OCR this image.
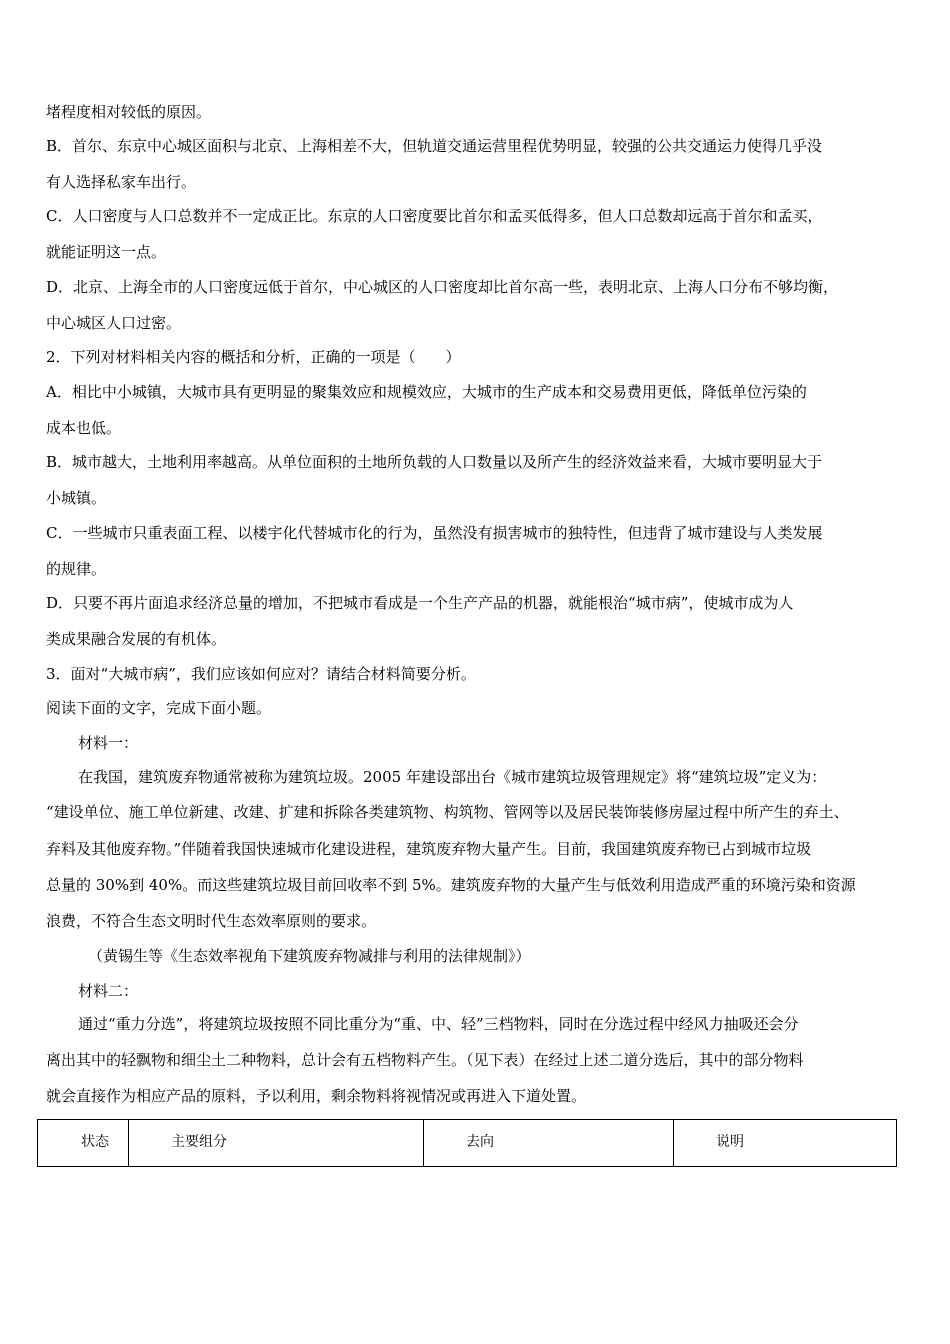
堵程度相对较低的原因。
B．首尔、东京中心城区面积与北京、上海相差不大，但轨道交通运营里程优势明显，较强的公共交通运力使得几乎没
有人选择私家车出行。
C．人口密度与人口总数并不一定成正比。东京的人口密度要比首尔和孟买低得多，但人口总数却远高于首尔和孟买，
就能证明这一点。
D．北京、上海全市的人口密度远低于首尔，中心城区的人口密度却比首尔高一些，表明北京、上海人口分布不够均衡，
中心城区人口过密。
2．下列对材料相关内容的概括和分析，正确的一项是（　　）
A．相比中小城镇，大城市具有更明显的聚集效应和规模效应，大城市的生产成本和交易费用更低，降低单位污染的
成本也低。
B．城市越大，土地利用率越高。从单位面积的土地所负载的人口数量以及所产生的经济效益来看，大城市要明显大于
小城镇。
C．一些城市只重表面工程、以楼宇化代替城市化的行为，虽然没有损害城市的独特性，但违背了城市建设与人类发展
的规律。
D．只要不再片面追求经济总量的增加，不把城市看成是一个生产产品的机器，就能根治“城市病”，使城市成为人
类成果融合发展的有机体。
3．面对“大城市病”，我们应该如何应对？请结合材料简要分析。
阅读下面的文字，完成下面小题。
材料一：
在我国，建筑废弃物通常被称为建筑垃圾。2005 年建设部出台《城市建筑垃圾管理规定》将“建筑垃圾”定义为：
“建设单位、施工单位新建、改建、扩建和拆除各类建筑物、构筑物、管网等以及居民装饰装修房屋过程中所产生的弃土、
弃料及其他废弃物。”伴随着我国快速城市化建设进程，建筑废弃物大量产生。目前，我国建筑废弃物已占到城市垃圾
总量的 30%到 40%。而这些建筑垃圾目前回收率不到 5%。建筑废弃物的大量产生与低效利用造成严重的环境污染和资源
浪费，不符合生态文明时代生态效率原则的要求。
（黄锡生等《生态效率视角下建筑废弃物减排与利用的法律规制》）
材料二：
通过“重力分选”，将建筑垃圾按照不同比重分为“重、中、轻”三档物料，同时在分选过程中经风力抽吸还会分
离出其中的轻飘物和细尘土二种物料，总计会有五档物料产生。（见下表）在经过上述二道分选后，其中的部分物料
就会直接作为相应产品的原料，予以利用，剩余物料将视情况或再进入下道处置。
状态	主要组分	去向	说明
